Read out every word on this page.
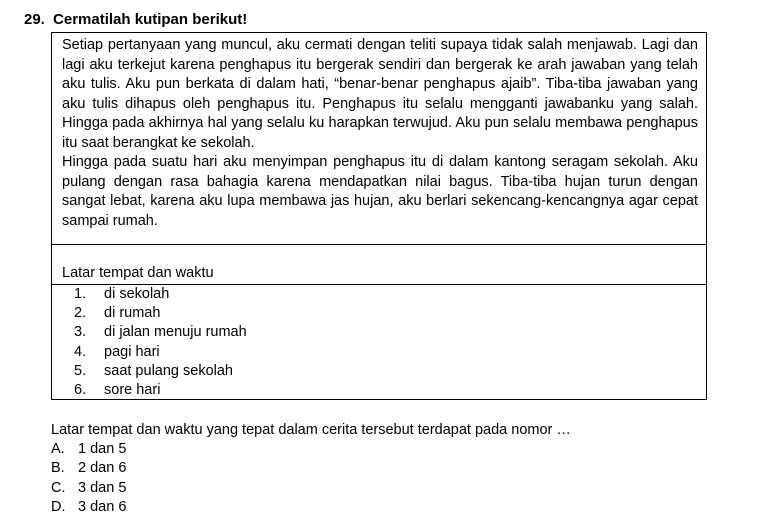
29. Cermatilah kutipan berikut!

Setiap pertanyaan yang muncul, aku cermati dengan teliti supaya tidak salah menjawab. Lagi dan lagi aku terkejut karena penghapus itu bergerak sendiri dan bergerak ke arah jawaban yang telah aku tulis. Aku pun berkata di dalam hati, “benar-benar penghapus ajaib”. Tiba-tiba jawaban yang aku tulis dihapus oleh penghapus itu. Penghapus itu selalu mengganti jawabanku yang salah. Hingga pada akhirnya hal yang selalu ku harapkan terwujud. Aku pun selalu membawa penghapus itu saat berangkat ke sekolah.

Hingga pada suatu hari aku menyimpan penghapus itu di dalam kantong seragam sekolah. Aku pulang dengan rasa bahagia karena mendapatkan nilai bagus. Tiba-tiba hujan turun dengan sangat lebat, karena aku lupa membawa jas hujan, aku berlari sekencang-kencangnya agar cepat sampai rumah.

Latar tempat dan waktu
1. di sekolah
2. di rumah
3. di jalan menuju rumah
4. pagi hari
5. saat pulang sekolah
6. sore hari

Latar tempat dan waktu yang tepat dalam cerita tersebut terdapat pada nomor …

A. 1 dan 5
B. 2 dan 6
C. 3 dan 5
D. 3 dan 6
